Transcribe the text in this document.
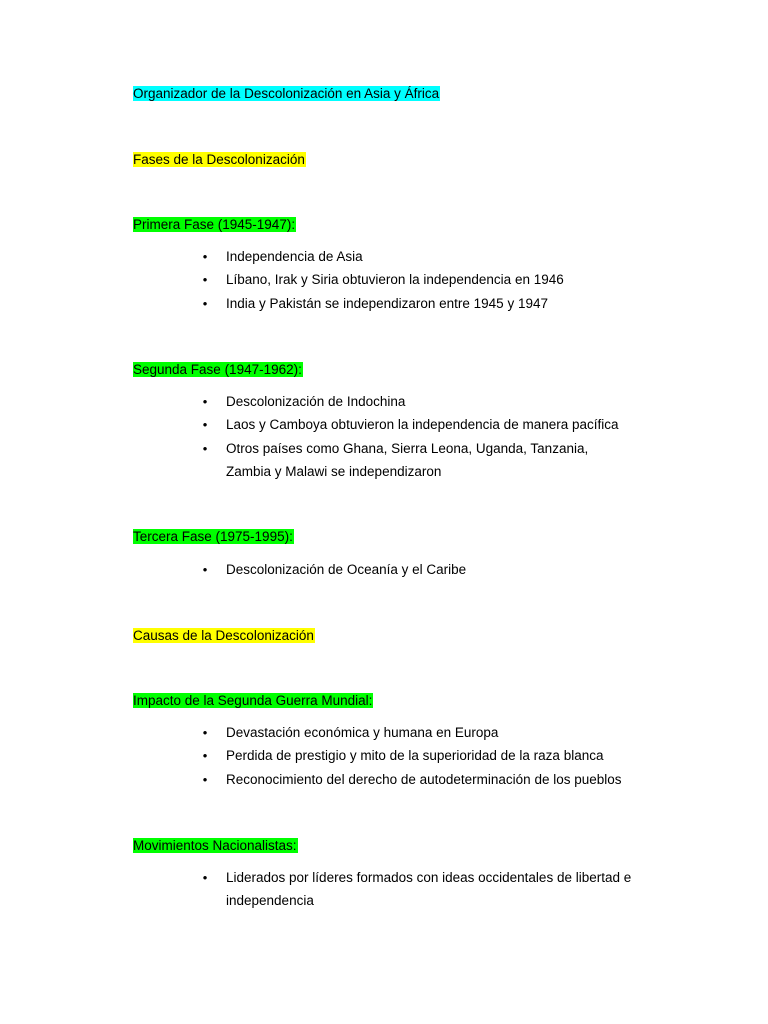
Organizador de la Descolonización en Asia y África
Fases de la Descolonización
Primera Fase (1945-1947):
• Independencia de Asia
• Líbano, Irak y Siria obtuvieron la independencia en 1946
• India y Pakistán se independizaron entre 1945 y 1947
Segunda Fase (1947-1962):
• Descolonización de Indochina
• Laos y Camboya obtuvieron la independencia de manera pacífica
• Otros países como Ghana, Sierra Leona, Uganda, Tanzania, Zambia y Malawi se independizaron
Tercera Fase (1975-1995):
• Descolonización de Oceanía y el Caribe
Causas de la Descolonización
Impacto de la Segunda Guerra Mundial:
• Devastación económica y humana en Europa
• Perdida de prestigio y mito de la superioridad de la raza blanca
• Reconocimiento del derecho de autodeterminación de los pueblos
Movimientos Nacionalistas:
• Liderados por líderes formados con ideas occidentales de libertad e independencia
